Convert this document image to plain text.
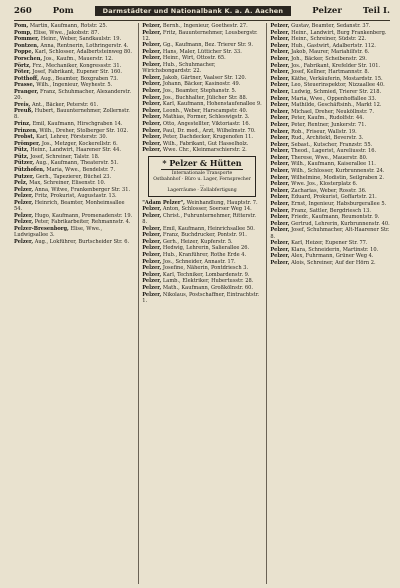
260 Pom	Darmstädter und Nationalbank K. a. A. Aachen	Pelzer Teil I.
Pom, Martin, Kaufmann, Rotstr. 25.
Pomp, Elise, Wwe., Jakobstr. 87.
Pommer, Heinr., Weber, Sandkaulstr. 19.
Pontzen, Anna, Rentnerin, Lothringerstr. 4.
Poppe, Karl, Schlosser, Adalbertsteinweg 80.
Porschen, Jos., Kaufm., Mauerstr. 12.
Pörtz, Frz., Mechaniker, Kongressstr. 31.
Pöter, Josef, Fabrikant, Eupener Str. 160.
Potthoff, Aug., Beamter, Boxgraben 73.
Prasse, Wilh., Ingenieur, Weyhestr. 5.
Pranger, Franz, Schuhmacher, Alexanderstr. 20.
Preis, Ant., Bäcker, Peterstr. 61.
Preuß, Hubert, Bauunternehmer, Zollernstr. 8.
Prinz, Emil, Kaufmann, Hirschgraben 14.
Prinzen, Wilh., Dreher, Stolberger Str. 102.
Probst, Karl, Lehrer, Försterstr. 30.
Prömper, Jos., Metzger, Kockerellstr. 6.
Pütz, Heinr., Landwirt, Haarener Str. 44.
Pütz, Josef, Schreiner, Talstr. 18.
Pützer, Aug., Kaufmann, Theaterstr. 51.
Pützhofen, Maria, Wwe., Bendelstr. 7.
Putzer, Gerh., Tapezierer, Büchel 23.
Pelz, Max, Schreiner, Elisenstr. 10.
Pelzer, Anna, Witwe, Frankenberger Str. 31.
Pelzer, Fritz, Prokurist, Augustastr. 13.
Pelzer, Heinrich, Beamter, Monheimsallee 54.
Pelzer, Hugo, Kaufmann, Promenadenstr. 19.
Pelzer, Peter, Fabrikarbeiter, Rehmannstr. 4.
Pelzer-Bresenborg, Elise, Wwe., Ludwigsallee 3.
Pelzer, Aug., Lokführer, Burtscheider Str. 6.
Pelzer, Bernh., Ingenieur, Goethestr. 27.
Pelzer, Fritz, Bauunternehmer, Lousbergstr. 12.
Pelzer, Gg., Kaufmann, Bez. Trierer Str. 9.
Pelzer, Hans, Maler, Lütticher Str. 33.
Pelzer, Heinr., Wirt, Ottostr. 65.
Pelzer, Hub., Schuhmacher, Wirichsbongardstr. 22.
Pelzer, Jakob, Gärtner, Vaalser Str. 120.
Pelzer, Johann, Bäcker, Kasinostr. 49.
Pelzer, Jos., Beamter, Stephanstr. 5.
Pelzer, Jos., Buchhalter, Jülicher Str. 88.
Pelzer, Karl, Kaufmann, Hohenstaufenallee 9.
Pelzer, Leonh., Weber, Harscampstr. 40.
Pelzer, Mathias, Former, Schleswigstr. 3.
Pelzer, Otto, Angestellter, Viktoriastr. 16.
Pelzer, Paul, Dr. med., Arzt, Wilhelmstr. 70.
Pelzer, Peter, Dachdecker, Krugenofen 11.
Pelzer, Wilh., Fabrikant, Gut Hasselholz.
Pelzer, Wwe. Chr., Kleinmarschierstr. 2.
* Pelzer & Hütten
Internationale Transporte
Ostbahnhof · Büro u. Lager, Fernsprecher ...
Lagerräume · Zollabfertigung
"Adam Pelzer", Weinhandlung, Hauptstr. 7.
Pelzer, Anton, Schlosser, Soerser Weg 14.
Pelzer, Christ., Fuhrunternehmer, Ritterstr. 8.
Pelzer, Emil, Kaufmann, Heinrichsallee 50.
Pelzer, Franz, Buchdrucker, Pontstr. 91.
Pelzer, Gerh., Heizer, Kupferstr. 5.
Pelzer, Hedwig, Lehrerin, Salierallee 26.
Pelzer, Hub., Kranführer, Rothe Erde 4.
Pelzer, Jos., Schneider, Annastr. 17.
Pelzer, Josefine, Näherin, Pontdriesch 3.
Pelzer, Karl, Techniker, Lombardenstr. 9.
Pelzer, Lamb., Elektriker, Hubertusstr. 28.
Pelzer, Math., Kaufmann, Großkölnstr. 60.
Pelzer, Nikolaus, Postschaffner, Eintrachtstr. 1.
Pelzer, Gustav, Beamter, Sedanstr. 37.
Pelzer, Heinr., Landwirt, Burg Frankenberg.
Pelzer, Heinr., Schreiner, Südstr. 22.
Pelzer, Hub., Gastwirt, Adalbertstr. 112.
Pelzer, Jakob, Maurer, Mariahilfstr. 6.
Pelzer, Joh., Bäcker, Scheibenstr. 29.
Pelzer, Jos., Fabrikant, Krefelder Str. 101.
Pelzer, Josef, Kellner, Hartmannstr. 8.
Pelzer, Käthe, Verkäuferin, Mostardstr. 15.
Pelzer, Leo, Steuerinspektor, Nizzaallee 40.
Pelzer, Ludwig, Schmied, Trierer Str. 218.
Pelzer, Maria, Wwe., Oppenhoffallee 33.
Pelzer, Mathilde, Geschäftsinh., Markt 12.
Pelzer, Michael, Dreher, Neuköllnstr. 7.
Pelzer, Peter, Kaufm., Rudolfstr. 44.
Pelzer, Peter, Rentner, Junkerstr. 71.
Pelzer, Rob., Friseur, Wallstr. 19.
Pelzer, Rud., Architekt, Beverstr. 3.
Pelzer, Sebast., Kutscher, Franzstr. 55.
Pelzer, Theod., Lagerist, Aureliusstr. 16.
Pelzer, Therese, Wwe., Mauerstr. 80.
Pelzer, Wilh., Kaufmann, Kaiserallee 11.
Pelzer, Wilh., Schlosser, Kurbrunnenstr. 24.
Pelzer, Wilhelmine, Modistin, Seilgraben 2.
Pelzer, Wwe. Jos., Klosterplatz 6.
Pelzer, Zacharias, Weber, Rosstr. 36.
Pelzer, Eduard, Prokurist, Goffartstr. 21.
Pelzer, Ernst, Ingenieur, Habsburgerallee 5.
Pelzer, Franz, Sattler, Bergdriesch 13.
Pelzer, Friedr., Kaufmann, Reumontstr. 9.
Pelzer, Gertrud, Lehrerin, Kurbrunnenstr. 40.
Pelzer, Josef, Schuhmacher, Alt-Haarener Str. 8.
Pelzer, Karl, Heizer, Eupener Str. 77.
Pelzer, Klara, Schneiderin, Martinstr. 10.
Pelzer, Alex, Fuhrmann, Grüner Weg 4.
Pelzer, Alois, Schreiner, Auf der Hörn 2.
